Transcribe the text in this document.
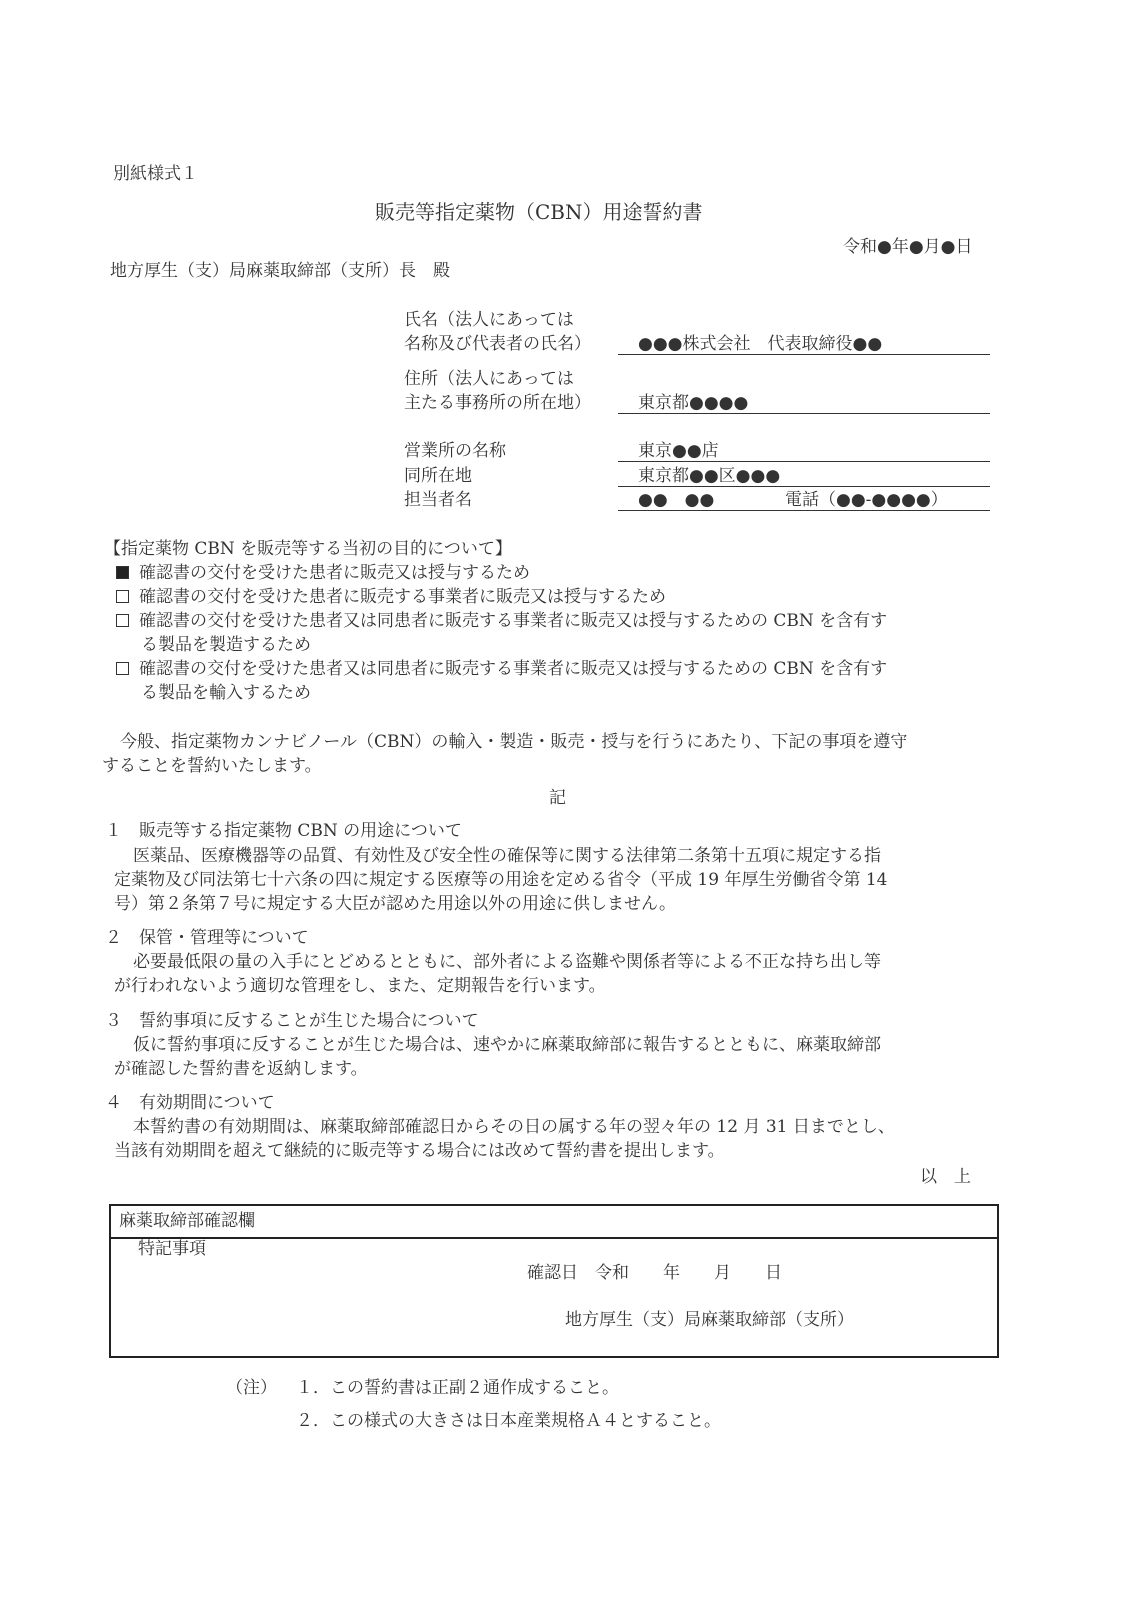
別紙様式１
販売等指定薬物（CBN）用途誓約書
令和●年●月●日
地方厚生（支）局麻薬取締部（支所）長　殿
氏名（法人にあっては
名称及び代表者の氏名）	●●●株式会社　代表取締役●●
住所（法人にあっては
主たる事務所の所在地）	東京都●●●●
営業所の名称	東京●●店
同所在地	東京都●●区●●●
担当者名	●●　●●	電話（●●-●●●●）
【指定薬物 CBN を販売等する当初の目的について】
確認書の交付を受けた患者に販売又は授与するため
確認書の交付を受けた患者に販売する事業者に販売又は授与するため
確認書の交付を受けた患者又は同患者に販売する事業者に販売又は授与するための CBN を含有す
る製品を製造するため
確認書の交付を受けた患者又は同患者に販売する事業者に販売又は授与するための CBN を含有す
る製品を輸入するため
今般、指定薬物カンナビノール（CBN）の輸入・製造・販売・授与を行うにあたり、下記の事項を遵守
することを誓約いたします。
記
１　販売等する指定薬物 CBN の用途について
医薬品、医療機器等の品質、有効性及び安全性の確保等に関する法律第二条第十五項に規定する指
定薬物及び同法第七十六条の四に規定する医療等の用途を定める省令（平成 19 年厚生労働省令第 14
号）第２条第７号に規定する大臣が認めた用途以外の用途に供しません。
２　保管・管理等について
必要最低限の量の入手にとどめるとともに、部外者による盗難や関係者等による不正な持ち出し等
が行われないよう適切な管理をし、また、定期報告を行います。
３　誓約事項に反することが生じた場合について
仮に誓約事項に反することが生じた場合は、速やかに麻薬取締部に報告するとともに、麻薬取締部
が確認した誓約書を返納します。
４　有効期間について
本誓約書の有効期間は、麻薬取締部確認日からその日の属する年の翌々年の 12 月 31 日までとし、
当該有効期間を超えて継続的に販売等する場合には改めて誓約書を提出します。
以　上
麻薬取締部確認欄
特記事項
確認日　令和　　年　　月　　日
地方厚生（支）局麻薬取締部（支所）
（注） １．この誓約書は正副２通作成すること。
２．この様式の大きさは日本産業規格Ａ４とすること。
